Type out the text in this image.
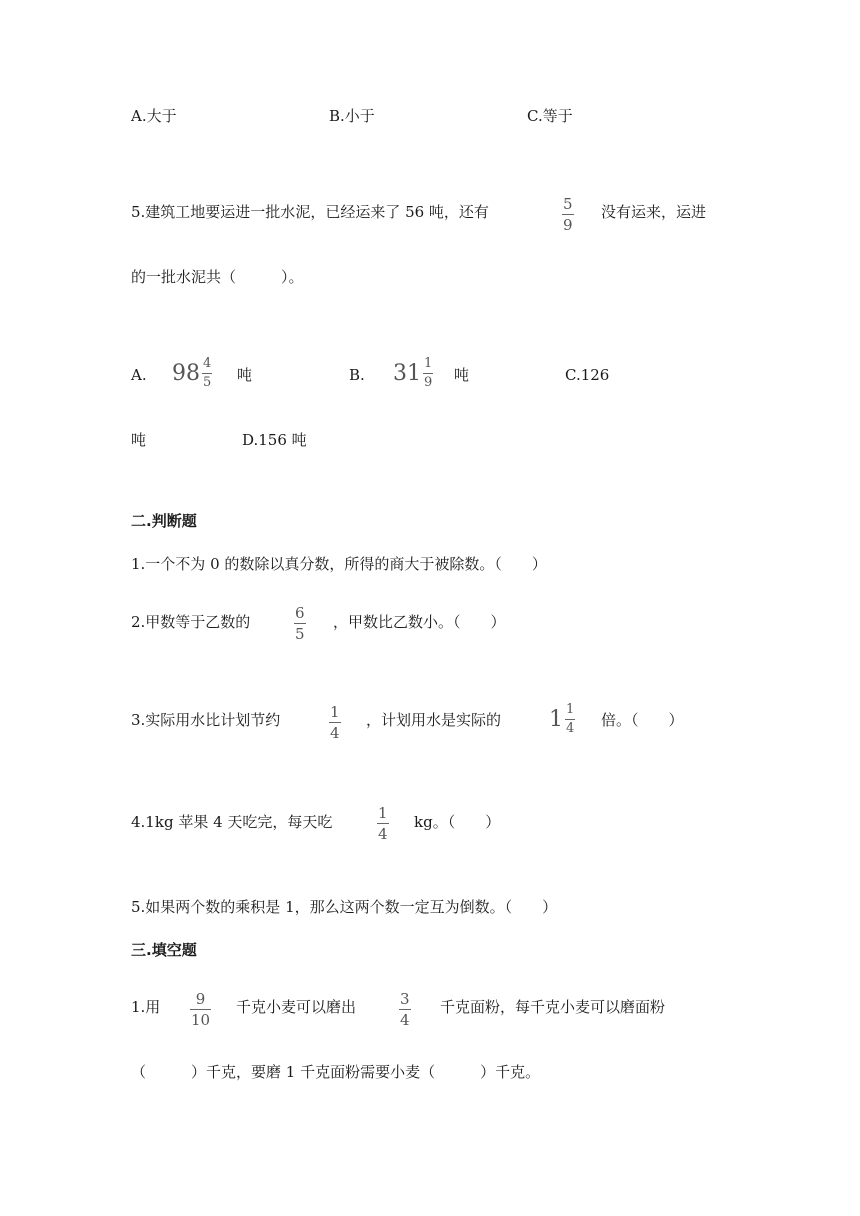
A.大于	B.小于	C.等于
5.建筑工地要运进一批水泥，已经运来了 56 吨，还有	5
9
没有运来，运进
的一批水泥共（　　　）。
A. $98 \frac{4}{5}$ 吨	B. $31 \frac{1}{9}$ 吨	C.126
吨	D.156 吨
二.判断题
1.一个不为 0 的数除以真分数，所得的商大于被除数。（　　）
2.甲数等于乙数的	6
5
，甲数比乙数小。（　　）
3.实际用水比计划节约	1
4
，计划用水是实际的 $1 \frac{1}{4}$ 倍。（　　）
4.1kg 苹果 4 天吃完，每天吃	1
4
kg。（　　）
5.如果两个数的乘积是 1，那么这两个数一定互为倒数。（　　）
三.填空题
1.用 9
10
千克小麦可以磨出	3
4
千克面粉，每千克小麦可以磨面粉
（　　　）千克，要磨 1 千克面粉需要小麦（　　　）千克。
